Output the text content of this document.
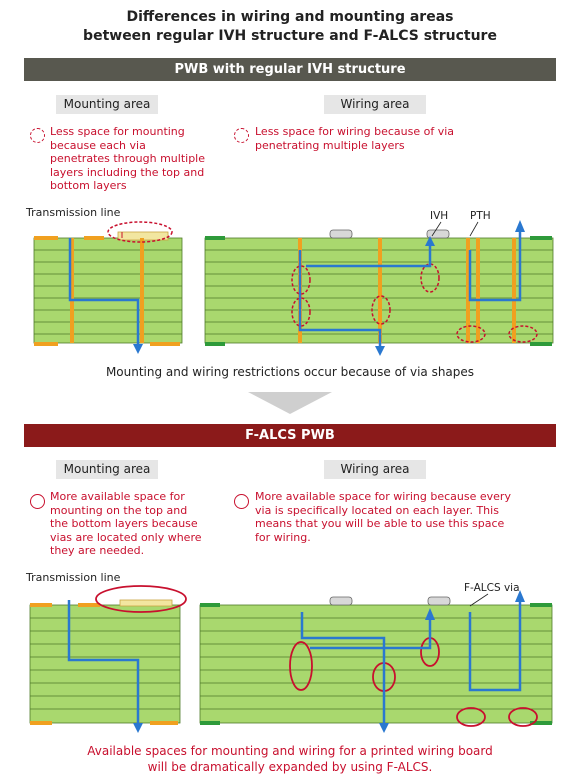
Differences in wiring and mounting areas
between regular IVH structure and F-ALCS structure
PWB with regular IVH structure
Mounting area	Wiring area
Less space for mounting because each via penetrates through multiple layers including the top and bottom layers
Less space for wiring because of via penetrating multiple layers
Transmission line	IVH PTH
Mounting and wiring restrictions occur because of via shapes
F-ALCS PWB
Mounting area	Wiring area
More available space for mounting on the top and the bottom layers because vias are located only where they are needed.
More available space for wiring because every via is specifically located on each layer. This means that you will be able to use this space for wiring.
Transmission line
F-ALCS via
Available spaces for mounting and wiring for a printed wiring board
will be dramatically expanded by using F-ALCS.
